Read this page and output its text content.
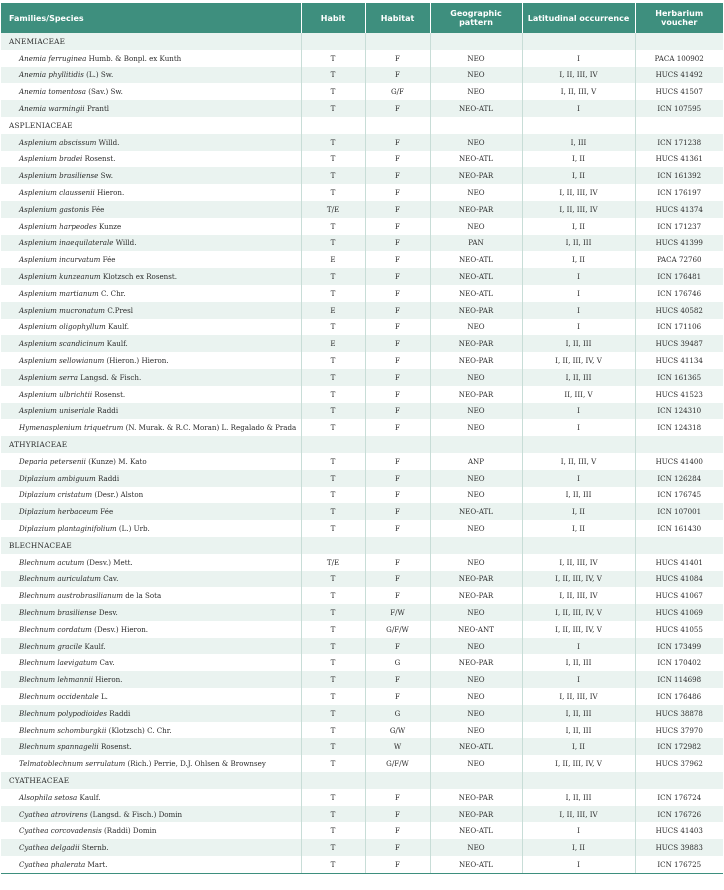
Families/Species	Habit	Habitat	Geographic pattern	Latitudinal occurrence	Herbarium voucher
ANEMIACEAE					
Anemia ferruginea Humb. & Bonpl. ex Kunth	T	F	NEO	I	PACA 100902
Anemia phyllitidis (L.) Sw.	T	F	NEO	I, II, III, IV	HUCS 41492
Anemia tomentosa (Sav.) Sw.	T	G/F	NEO	I, II, III, V	HUCS 41507
Anemia warmingii Prantl	T	F	NEO-ATL	I	ICN 107595
ASPLENIACEAE					
Asplenium abscissum Willd.	T	F	NEO	I, III	ICN 171238
Asplenium bradei Rosenst.	T	F	NEO-ATL	I, II	HUCS 41361
Asplenium brasiliense Sw.	T	F	NEO-PAR	I, II	ICN 161392
Asplenium claussenii Hieron.	T	F	NEO	I, II, III, IV	ICN 176197
Asplenium gastonis Fée	T/E	F	NEO-PAR	I, II, III, IV	HUCS 41374
Asplenium harpeodes Kunze	T	F	NEO	I, II	ICN 171237
Asplenium inaequilaterale Willd.	T	F	PAN	I, II, III	HUCS 41399
Asplenium incurvatum Fée	E	F	NEO-ATL	I, II	PACA 72760
Asplenium kunzeanum Klotzsch ex Rosenst.	T	F	NEO-ATL	I	ICN 176481
Asplenium martianum C. Chr.	T	F	NEO-ATL	I	ICN 176746
Asplenium mucronatum C.Presl	E	F	NEO-PAR	I	HUCS 40582
Asplenium oligophyllum Kaulf.	T	F	NEO	I	ICN 171106
Asplenium scandicinum Kaulf.	E	F	NEO-PAR	I, II, III	HUCS 39487
Asplenium sellowianum (Hieron.) Hieron.	T	F	NEO-PAR	I, II, III, IV, V	HUCS 41134
Asplenium serra Langsd. & Fisch.	T	F	NEO	I, II, III	ICN 161365
Asplenium ulbrichtii Rosenst.	T	F	NEO-PAR	II, III, V	HUCS 41523
Asplenium uniseriale Raddi	T	F	NEO	I	ICN 124310
Hymenasplenium triquetrum (N. Murak. & R.C. Moran) L. Regalado & Prada	T	F	NEO	I	ICN 124318
ATHYRIACEAE					
Deparia petersenii (Kunze) M. Kato	T	F	ANP	I, II, III, V	HUCS 41400
Diplazium ambiguum Raddi	T	F	NEO	I	ICN 126284
Diplazium cristatum (Desr.) Alston	T	F	NEO	I, II, III	ICN 176745
Diplazium herbaceum Fée	T	F	NEO-ATL	I, II	ICN 107001
Diplazium plantaginifolium (L.) Urb.	T	F	NEO	I, II	ICN 161430
BLECHNACEAE					
Blechnum acutum (Desv.) Mett.	T/E	F	NEO	I, II, III, IV	HUCS 41401
Blechnum auriculatum Cav.	T	F	NEO-PAR	I, II, III, IV, V	HUCS 41084
Blechnum austrobrasilianum de la Sota	T	F	NEO-PAR	I, II, III, IV	HUCS 41067
Blechnum brasiliense Desv.	T	F/W	NEO	I, II, III, IV, V	HUCS 41069
Blechnum cordatum (Desv.) Hieron.	T	G/F/W	NEO-ANT	I, II, III, IV, V	HUCS 41055
Blechnum gracile Kaulf.	T	F	NEO	I	ICN 173499
Blechnum laevigatum Cav.	T	G	NEO-PAR	I, II, III	ICN 170402
Blechnum lehmannii Hieron.	T	F	NEO	I	ICN 114698
Blechnum occidentale L.	T	F	NEO	I, II, III, IV	ICN 176486
Blechnum polypodioides Raddi	T	G	NEO	I, II, III	HUCS 38878
Blechnum schomburgkii (Klotzsch) C. Chr.	T	G/W	NEO	I, II, III	HUCS 37970
Blechnum spannagelii Rosenst.	T	W	NEO-ATL	I, II	ICN 172982
Telmatoblechnum serrulatum (Rich.) Perrie, D.J. Ohlsen & Brownsey	T	G/F/W	NEO	I, II, III, IV, V	HUCS 37962
CYATHEACEAE					
Alsophila setosa Kaulf.	T	F	NEO-PAR	I, II, III	ICN 176724
Cyathea atrovirens (Langsd. & Fisch.) Domin	T	F	NEO-PAR	I, II, III, IV	ICN 176726
Cyathea corcovadensis (Raddi) Domin	T	F	NEO-ATL	I	HUCS 41403
Cyathea delgadii Sternb.	T	F	NEO	I, II	HUCS 39883
Cyathea phalerata Mart.	T	F	NEO-ATL	I	ICN 176725
